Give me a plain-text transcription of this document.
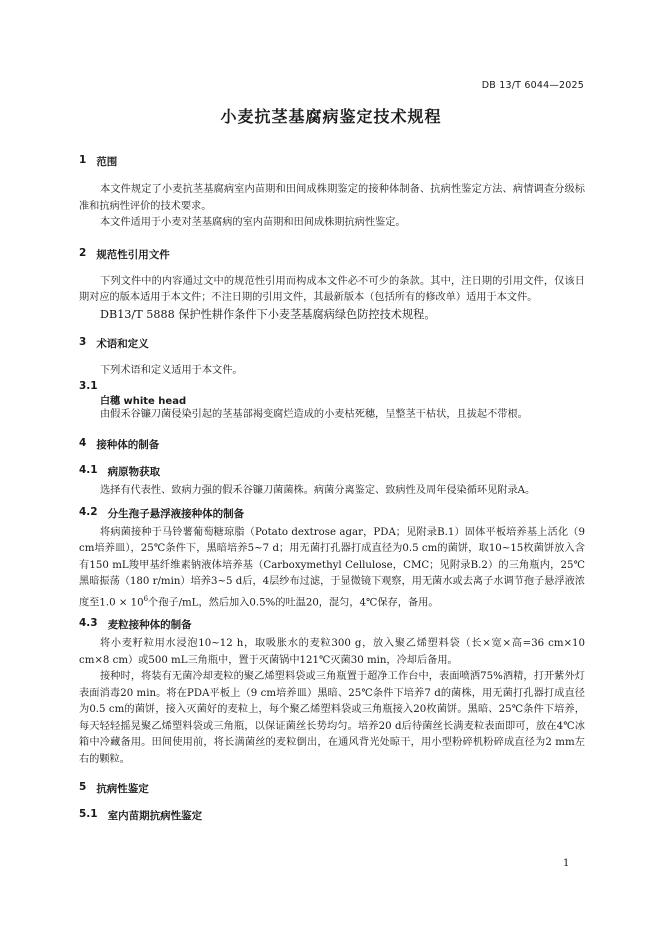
DB 13/T 6044—2025
小麦抗茎基腐病鉴定技术规程
1 范围

本文件规定了小麦抗茎基腐病室内苗期和田间成株期鉴定的接种体制备、抗病性鉴定方法、病情调查分级标准和抗病性评价的技术要求。

本文件适用于小麦对茎基腐病的室内苗期和田间成株期抗病性鉴定。

2 规范性引用文件

下列文件中的内容通过文中的规范性引用而构成本文件必不可少的条款。其中，注日期的引用文件，仅该日期对应的版本适用于本文件；不注日期的引用文件，其最新版本（包括所有的修改单）适用于本文件。

DB13/T 5888 保护性耕作条件下小麦茎基腐病绿色防控技术规程。

3 术语和定义

下列术语和定义适用于本文件。

3.1

白穗 white head

由假禾谷镰刀菌侵染引起的茎基部褐变腐烂造成的小麦枯死穗，呈整茎干枯状，且拔起不带根。

4 接种体的制备
4.1 病原物获取

选择有代表性、致病力强的假禾谷镰刀菌菌株。病菌分离鉴定、致病性及周年侵染循环见附录A。

4.2 分生孢子悬浮液接种体的制备

将病菌接种于马铃薯葡萄糖琼脂（Potato dextrose agar，PDA；见附录B.1）固体平板培养基上活化（9 cm培养皿），25℃条件下，黑暗培养5~7 d；用无菌打孔器打成直径为0.5 cm的菌饼，取10~15枚菌饼放入含有150 mL羧甲基纤维素钠液体培养基（Carboxymethyl Cellulose，CMC；见附录B.2）的三角瓶内，25℃黑暗振荡（180 r/min）培养3~5 d后，4层纱布过滤，于显微镜下观察，用无菌水或去离子水调节孢子悬浮液浓度至$1.0 \times 10^6$个孢子/mL，然后加入0.5%的吐温20，混匀，4℃保存，备用。

4.3 麦粒接种体的制备

将小麦籽粒用水浸泡10~12 h，取吸胀水的麦粒300 g，放入聚乙烯塑料袋（长×宽×高=36 cm×10 cm×8 cm）或500 mL三角瓶中，置于灭菌锅中121℃灭菌30 min，冷却后备用。

接种时，将装有无菌冷却麦粒的聚乙烯塑料袋或三角瓶置于超净工作台中，表面喷洒75%酒精，打开紫外灯表面消毒20 min。将在PDA平板上（9 cm培养皿）黑暗、25℃条件下培养7 d的菌株，用无菌打孔器打成直径为0.5 cm的菌饼，接入灭菌好的麦粒上，每个聚乙烯塑料袋或三角瓶接入20枚菌饼。黑暗、25℃条件下培养，每天轻轻摇晃聚乙烯塑料袋或三角瓶，以保证菌丝长势均匀。培养20 d后待菌丝长满麦粒表面即可，放在4℃冰箱中冷藏备用。田间使用前，将长满菌丝的麦粒倒出，在通风背光处晾干，用小型粉碎机粉碎成直径为2 mm左右的颗粒。

5 抗病性鉴定
5.1 室内苗期抗病性鉴定
1
